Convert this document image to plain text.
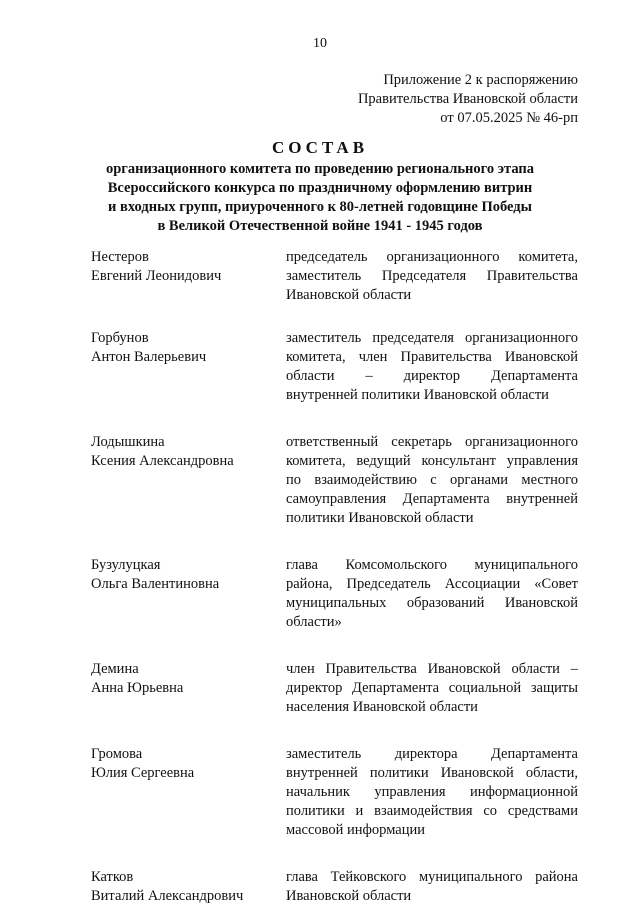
10
Приложение 2 к распоряжению
Правительства Ивановской области
от 07.05.2025 № 46-рп
СОСТАВ
организационного комитета по проведению регионального этапа
Всероссийского конкурса по праздничному оформлению витрин
и входных групп, приуроченного к 80-летней годовщине Победы
в Великой Отечественной войне 1941 - 1945 годов
Нестеров
Евгений Леонидович
председатель организационного комитета,
заместитель Председателя Правительства
Ивановской области
Горбунов
Антон Валерьевич
заместитель председателя организационного
комитета, член Правительства Ивановской
области – директор Департамента
внутренней политики Ивановской области
Лодышкина
Ксения Александровна
ответственный секретарь организационного
комитета, ведущий консультант управления
по взаимодействию с органами местного
самоуправления Департамента внутренней
политики Ивановской области
Бузулуцкая
Ольга Валентиновна
глава Комсомольского муниципального
района, Председатель Ассоциации «Совет
муниципальных образований Ивановской
области»
Демина
Анна Юрьевна
член Правительства Ивановской области –
директор Департамента социальной защиты
населения Ивановской области
Громова
Юлия Сергеевна
заместитель директора Департамента
внутренней политики Ивановской области,
начальник управления информационной
политики и взаимодействия со средствами
массовой информации
Катков
Виталий Александрович
глава Тейковского муниципального района
Ивановской области
